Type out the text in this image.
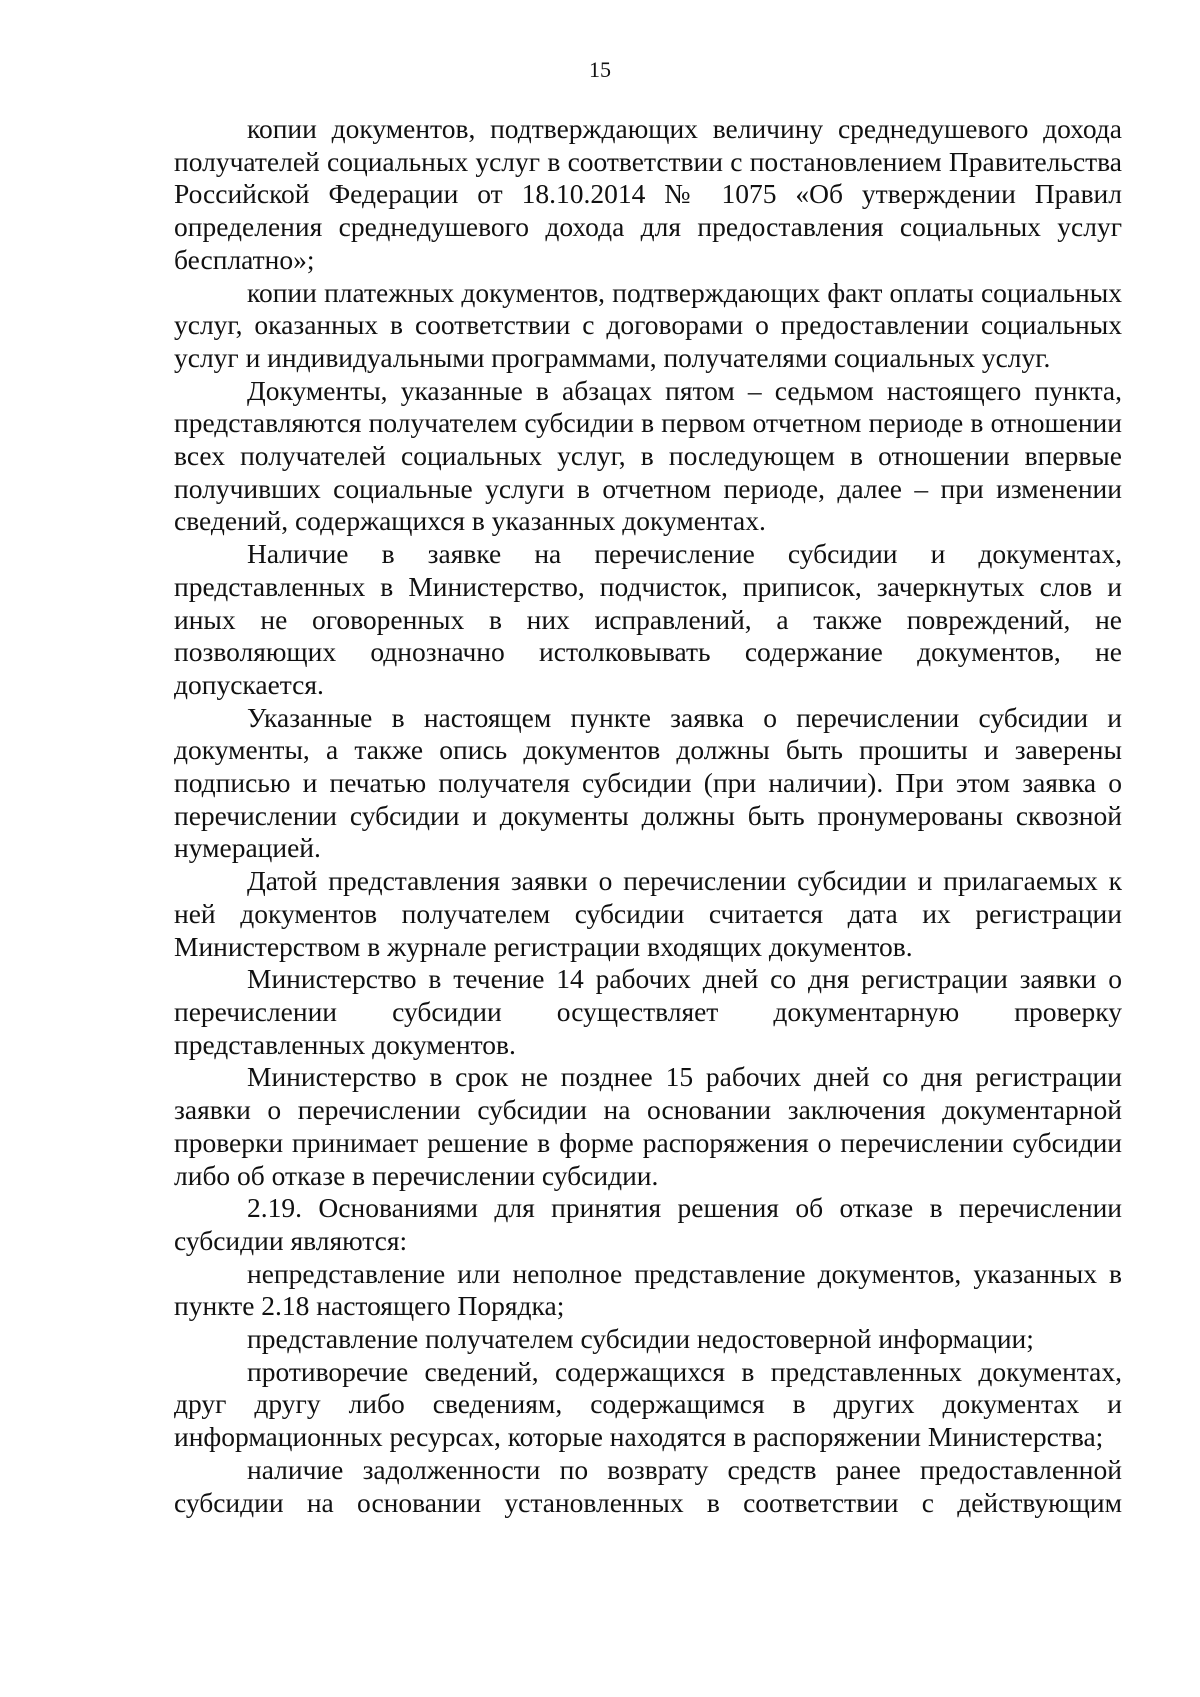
15

копии документов, подтверждающих величину среднедушевого дохода получателей социальных услуг в соответствии с постановлением Правительства Российской Федерации от 18.10.2014 № 1075 «Об утверждении Правил определения среднедушевого дохода для предоставления социальных услуг бесплатно»;

копии платежных документов, подтверждающих факт оплаты социальных услуг, оказанных в соответствии с договорами о предоставлении социальных услуг и индивидуальными программами, получателями социальных услуг.

Документы, указанные в абзацах пятом – седьмом настоящего пункта, представляются получателем субсидии в первом отчетном периоде в отношении всех получателей социальных услуг, в последующем в отношении впервые получивших социальные услуги в отчетном периоде, далее – при изменении сведений, содержащихся в указанных документах.

Наличие в заявке на перечисление субсидии и документах, представленных в Министерство, подчисток, приписок, зачеркнутых слов и иных не оговоренных в них исправлений, а также повреждений, не позволяющих однозначно истолковывать содержание документов, не допускается.

Указанные в настоящем пункте заявка о перечислении субсидии и документы, а также опись документов должны быть прошиты и заверены подписью и печатью получателя субсидии (при наличии). При этом заявка о перечислении субсидии и документы должны быть пронумерованы сквозной нумерацией.

Датой представления заявки о перечислении субсидии и прилагаемых к ней документов получателем субсидии считается дата их регистрации Министерством в журнале регистрации входящих документов.

Министерство в течение 14 рабочих дней со дня регистрации заявки о перечислении субсидии осуществляет документарную проверку представленных документов.

Министерство в срок не позднее 15 рабочих дней со дня регистрации заявки о перечислении субсидии на основании заключения документарной проверки принимает решение в форме распоряжения о перечислении субсидии либо об отказе в перечислении субсидии.

2.19. Основаниями для принятия решения об отказе в перечислении субсидии являются:

непредставление или неполное представление документов, указанных в пункте 2.18 настоящего Порядка;

представление получателем субсидии недостоверной информации;

противоречие сведений, содержащихся в представленных документах, друг другу либо сведениям, содержащимся в других документах и информационных ресурсах, которые находятся в распоряжении Министерства;

наличие задолженности по возврату средств ранее предоставленной субсидии на основании установленных в соответствии с действующим
